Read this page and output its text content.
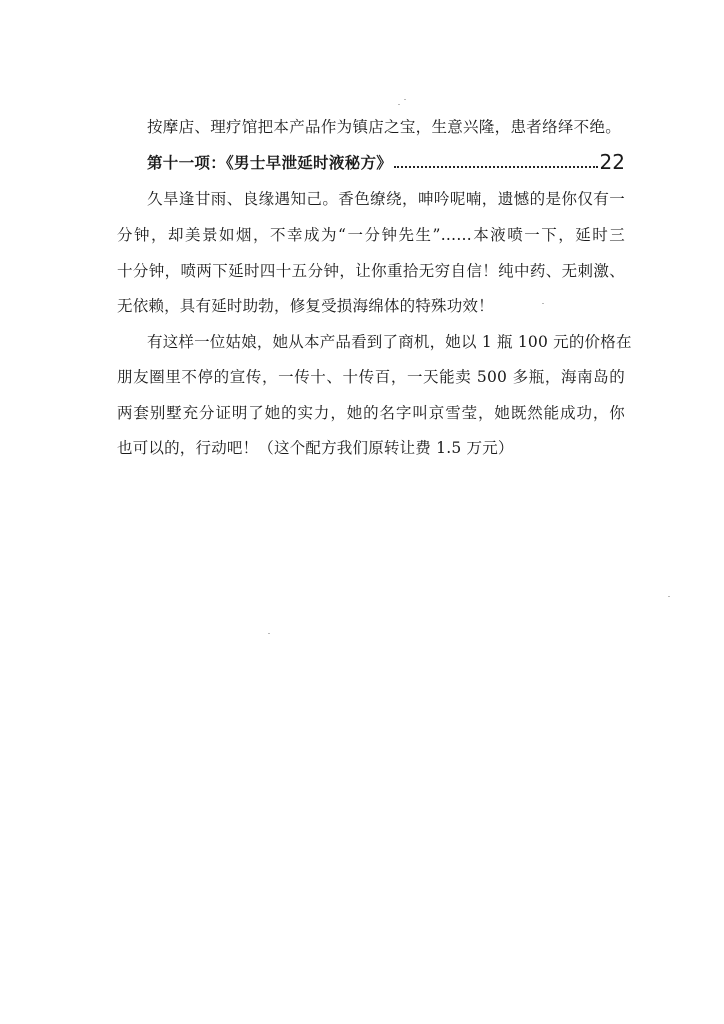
按摩店、理疗馆把本产品作为镇店之宝，生意兴隆，患者络绎不绝。
第十一项：《男士早泄延时液秘方》	22
久旱逢甘雨、良缘遇知己。香色缭绕，呻吟呢喃，遗憾的是你仅有一
分钟，却美景如烟，不幸成为“一分钟先生”……本液喷一下，延时三
十分钟，喷两下延时四十五分钟，让你重拾无穷自信！纯中药、无刺激、
无依赖，具有延时助勃，修复受损海绵体的特殊功效！
有这样一位姑娘，她从本产品看到了商机，她以 1 瓶 100 元的价格在
朋友圈里不停的宣传，一传十、十传百，一天能卖 500 多瓶，海南岛的
两套别墅充分证明了她的实力，她的名字叫京雪莹，她既然能成功，你
也可以的，行动吧！（这个配方我们原转让费 1.5 万元）
